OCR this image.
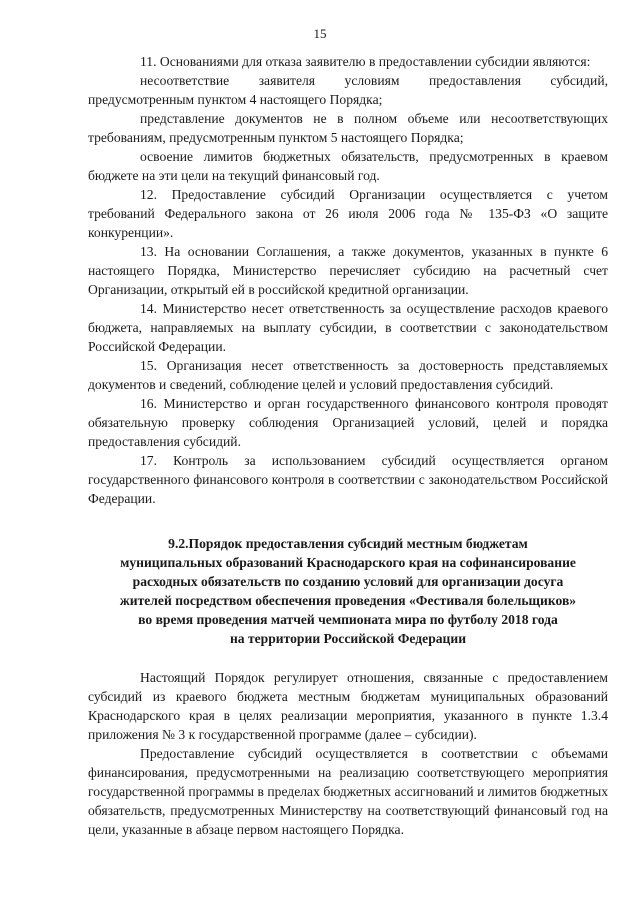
15

11. Основаниями для отказа заявителю в предоставлении субсидии являются:

несоответствие заявителя условиям предоставления субсидий, предусмотренным пунктом 4 настоящего Порядка;

представление документов не в полном объеме или несоответствующих требованиям, предусмотренным пунктом 5 настоящего Порядка;

освоение лимитов бюджетных обязательств, предусмотренных в краевом бюджете на эти цели на текущий финансовый год.

12. Предоставление субсидий Организации осуществляется с учетом требований Федерального закона от 26 июля 2006 года № 135-ФЗ «О защите конкуренции».

13. На основании Соглашения, а также документов, указанных в пункте 6 настоящего Порядка, Министерство перечисляет субсидию на расчетный счет Организации, открытый ей в российской кредитной организации.

14. Министерство несет ответственность за осуществление расходов краевого бюджета, направляемых на выплату субсидии, в соответствии с законодательством Российской Федерации.

15. Организация несет ответственность за достоверность представляемых документов и сведений, соблюдение целей и условий предоставления субсидий.

16. Министерство и орган государственного финансового контроля проводят обязательную проверку соблюдения Организацией условий, целей и порядка предоставления субсидий.

17. Контроль за использованием субсидий осуществляется органом государственного финансового контроля в соответствии с законодательством Российской Федерации.

9.2.Порядок предоставления субсидий местным бюджетам
муниципальных образований Краснодарского края на софинансирование
расходных обязательств по созданию условий для организации досуга
жителей посредством обеспечения проведения «Фестиваля болельщиков»
во время проведения матчей чемпионата мира по футболу 2018 года
на территории Российской Федерации

Настоящий Порядок регулирует отношения, связанные с предоставлением субсидий из краевого бюджета местным бюджетам муниципальных образований Краснодарского края в целях реализации мероприятия, указанного в пункте 1.3.4 приложения № 3 к государственной программе (далее – субсидии).

Предоставление субсидий осуществляется в соответствии с объемами финансирования, предусмотренными на реализацию соответствующего мероприятия государственной программы в пределах бюджетных ассигнований и лимитов бюджетных обязательств, предусмотренных Министерству на соответствующий финансовый год на цели, указанные в абзаце первом настоящего Порядка.
